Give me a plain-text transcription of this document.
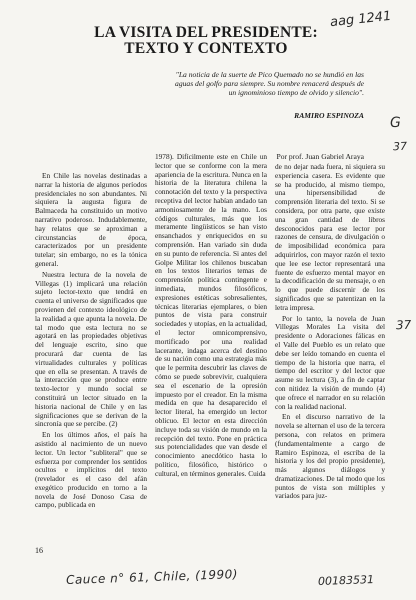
LA VISITA DEL PRESIDENTE:
TEXTO Y CONTEXTO
"La noticia de la suerte de Pico Quemado no se hundió en las aguas del golfo para siempre. Su nombre renacerá después de un ignominioso tiempo de olvido y silencio".
RAMIRO ESPINOZA
Por prof. Juan Gabriel Araya

En Chile las novelas destinadas a narrar la historia de algunos períodos presidenciales no son abundantes. Ni siquiera la augusta figura de Balmaceda ha constituido un motivo narrativo poderoso. Indudablemente, hay relatos que se aproximan a circunstancias de época, caracterizados por un presidente tutelar; sin embargo, no es la tónica general.

Nuestra lectura de la novela de Villegas (1) implicará una relación sujeto lector-texto que tendrá en cuenta el universo de significados que provienen del contexto ideológico de la realidad a que apunta la novela. De tal modo que esta lectura no se agotará en las propiedades objetivas del lenguaje escrito, sino que procurará dar cuenta de las virtualidades culturales y políticas que en ella se presentan. A través de la interacción que se produce entre texto-lector y mundo social se constituirá un lector situado en la historia nacional de Chile y en las significaciones que se derivan de la sincronía que se percibe. (2)

En los últimos años, el país ha asistido al nacimiento de un nuevo lector. Un lector "subliteral" que se esfuerza por comprender los sentidos ocultos e implícitos del texto (revelador es el caso del afán exegético producido en torno a la novela de José Donoso Casa de campo, publicada en

1978). Difícilmente este en Chile un lector que se conforme con la mera apariencia de la escritura. Nunca en la historia de la literatura chilena la connotación del texto y la perspectiva receptiva del lector habían andado tan armoniosamente de la mano. Los códigos culturales, más que los meramente lingüísticos se han visto ensanchados y enriquecidos en su comprensión. Han variado sin duda en su punto de referencia. Si antes del Golpe Militar los chilenos buscaban en los textos literarios temas de comprensión política contingente e inmediata, mundos filosóficos, expresiones estéticas sobresalientes, técnicas literarias ejemplares, o bien puntos de vista para construir sociedades y utopías, en la actualidad, el lector omnicomprensivo, mortificado por una realidad lacerante, indaga acerca del destino de su nación como una estrategia más que le permita descubrir las claves de cómo se puede sobrevivir, cualquiera sea el escenario de la opresión impuesto por el creador. En la misma medida en que ha desaparecido el lector literal, ha emergido un lector oblicuo. El lector en esta dirección incluye toda su visión de mundo en la recepción del texto. Pone en práctica sus potencialidades que van desde el conocimiento anecdótico hasta lo político, filosófico, histórico o cultural, en términos generales. Cuida

de no dejar nada fuera, ni siquiera su experiencia casera. Es evidente que se ha producido, al mismo tiempo, una hipersensibilidad de comprensión literaria del texto. Si se considera, por otra parte, que existe una gran cantidad de libros desconocidos para ese lector por razones de censura, de divulgación o de imposibilidad económica para adquirirlos, con mayor razón el texto que lee ese lector representará una fuente de esfuerzo mental mayor en la decodificación de su mensaje, o en lo que puede discernir de los significados que se patentizan en la letra impresa.

Por lo tanto, la novela de Juan Villegas Morales La visita del presidente o Adoraciones fálicas en el Valle del Pueblo es un relato que debe ser leído tomando en cuenta el tiempo de la historia que narra, el tiempo del escritor y del lector que asume su lectura (3), a fin de captar con nitidez la visión de mundo (4) que ofrece el narrador en su relación con la realidad nacional.

En el discurso narrativo de la novela se alternan el uso de la tercera persona, con relatos en primera (fundamentalmente a cargo de Ramiro Espinoza, el escriba de la historia y los del propio presidente), más algunos diálogos y dramatizaciones. De tal modo que los puntos de vista son múltiples y variados para juz-

16
aag 1241
G
37
37
Cauce n° 61, Chile, (1990)	00183531
